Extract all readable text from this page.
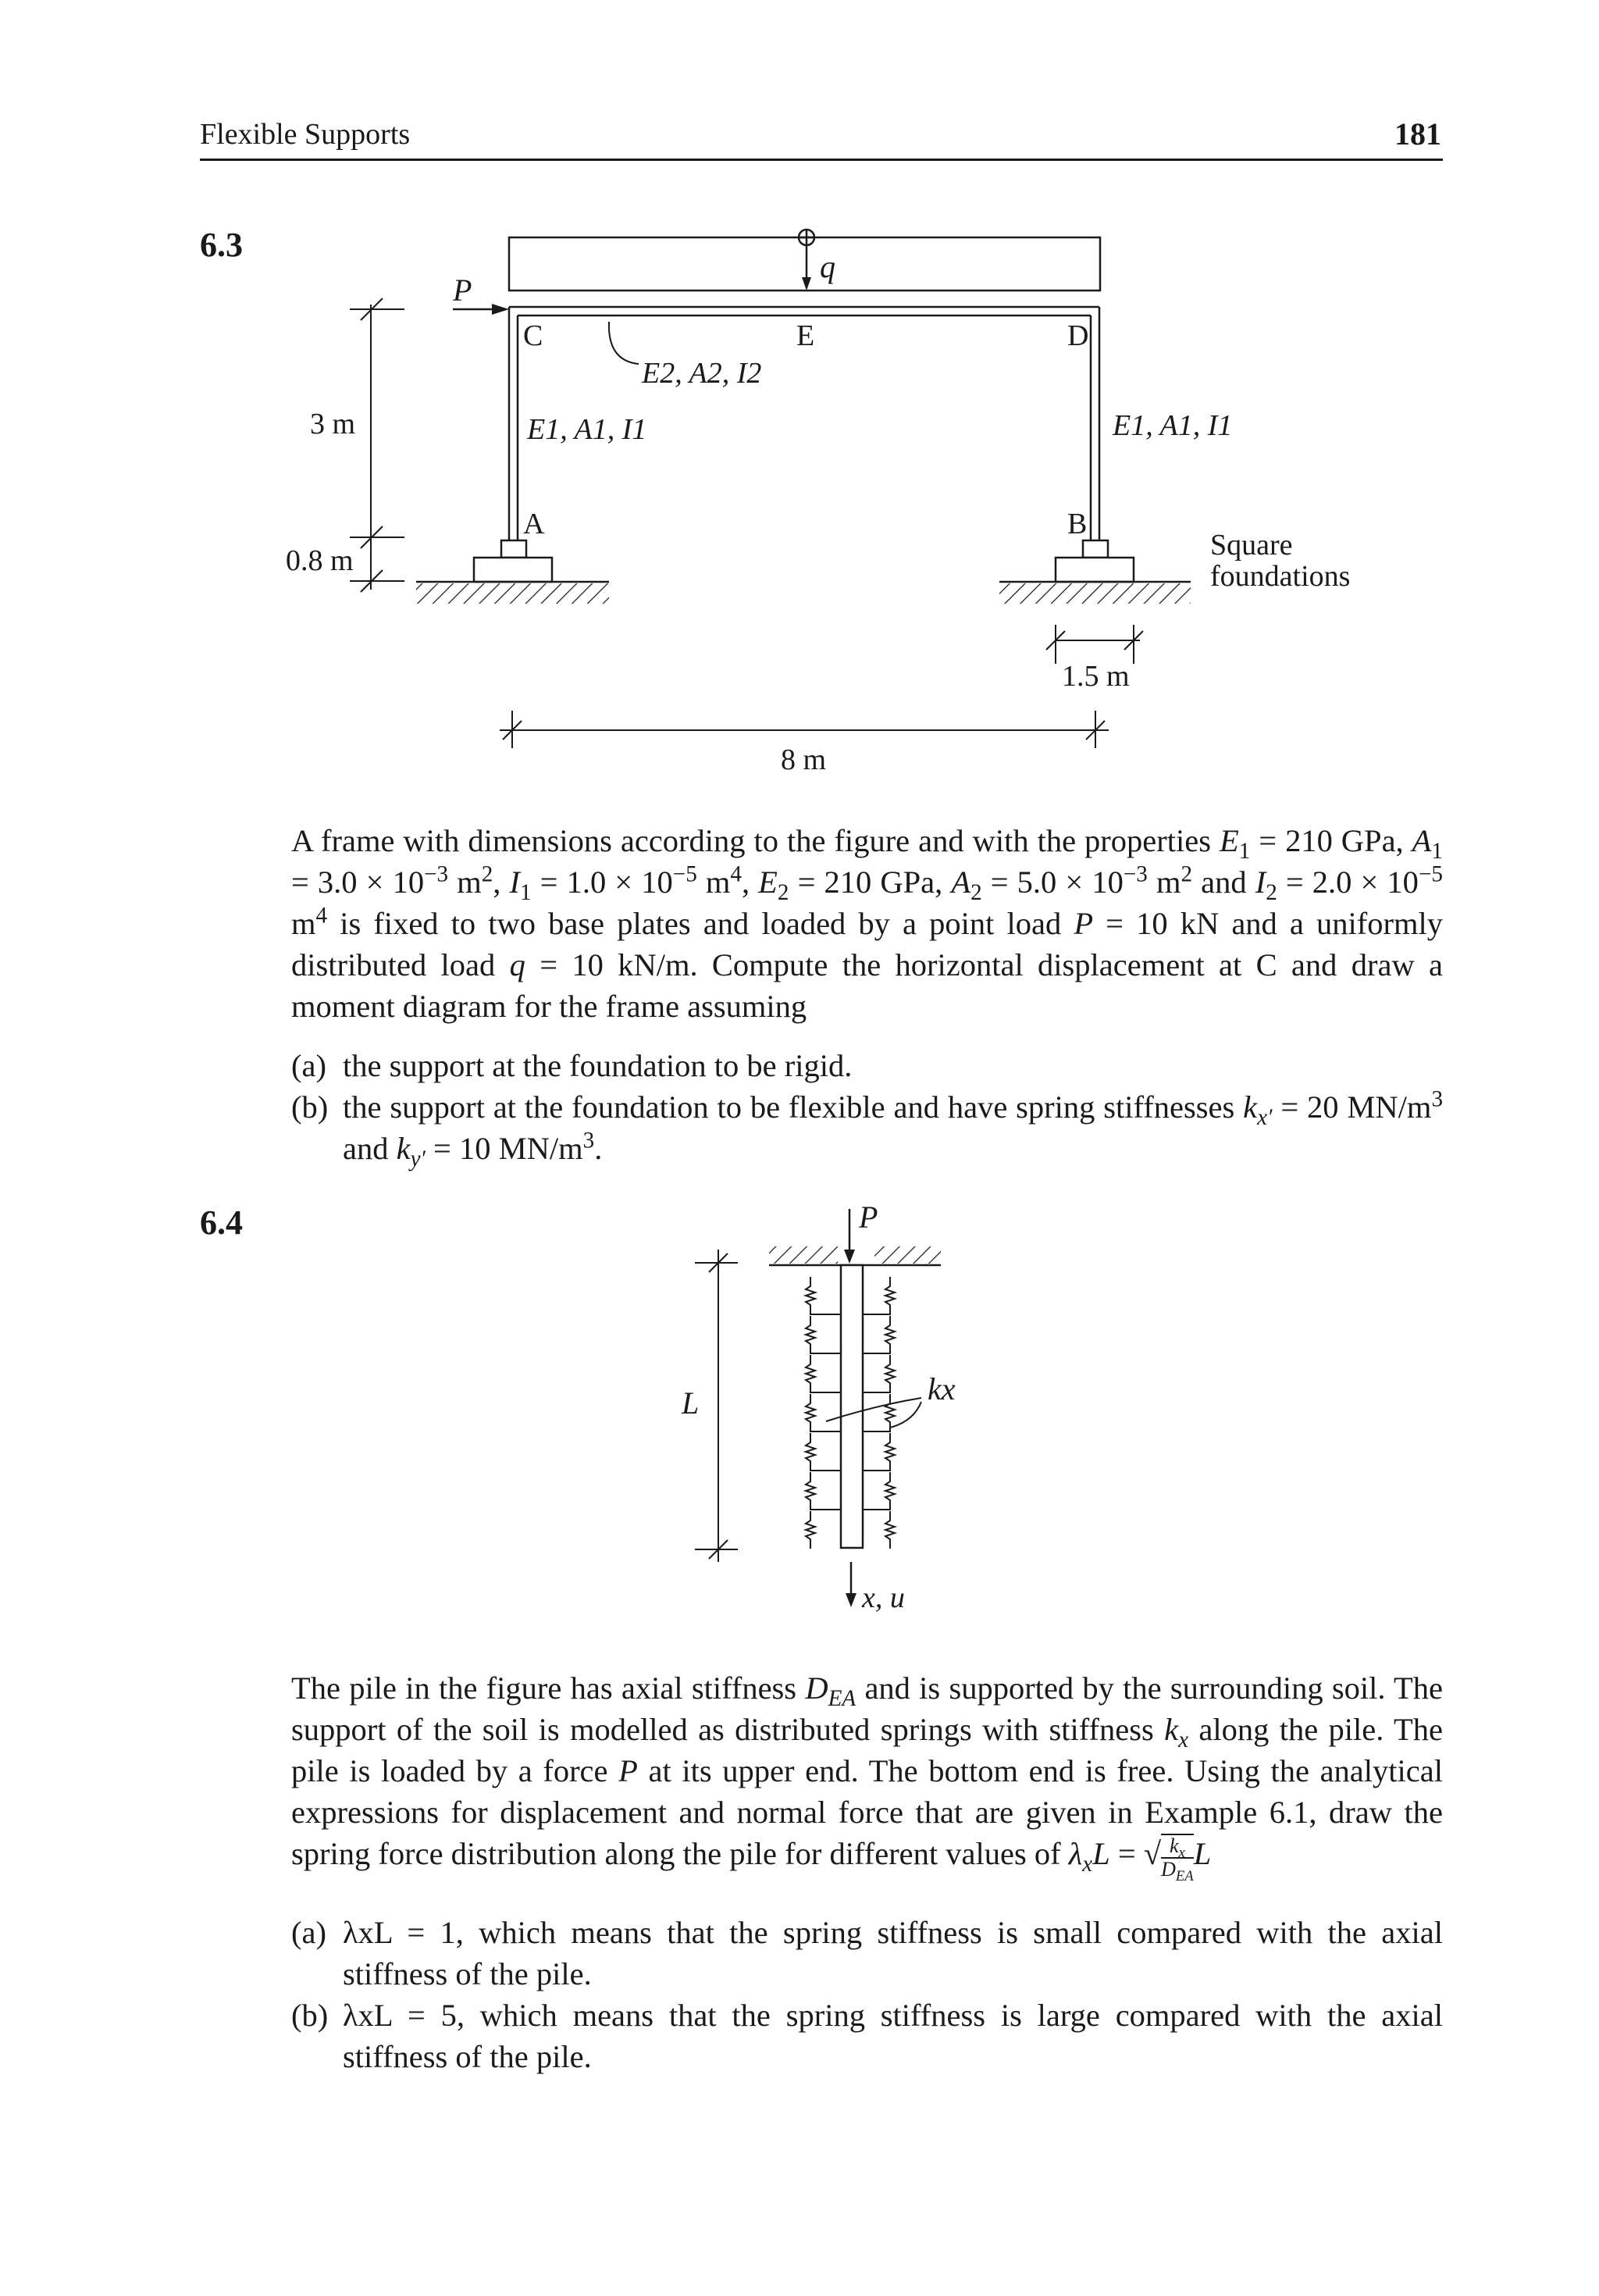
Flexible Supports	181
6.3
q
P
C	E	D
A	B
E2, A2, I2
E1, A1, I1	E1, A1, I1
3 m
0.8 m
1.5 m
8 m
Square
foundations
A frame with dimensions according to the figure and with the properties $E_1 = 210$ GPa, $A_1 = 3.0 \times 10^{-3}$ $m^2$, $I_1 = 1.0 \times 10^{-5}$ $m^4$, $E_2 = 210$ GPa, $A_2 = 5.0 \times 10^{-3}$ $m^2$ and $I_2 = 2.0 \times 10^{-5}$ $m^4$ is fixed to two base plates and loaded by a point load P = 10 kN and a uniformly distributed load q = 10 kN/m. Compute the horizontal displacement at C and draw a moment diagram for the frame assuming
(a) the support at the foundation to be rigid.
(b) the support at the foundation to be flexible and have spring stiffnesses $k_{x'} = 20$ $MN/m^3$ and $k_{y'} = 10$ $MN/m^3$.
6.4	P
kx
L
x, u
The pile in the figure has axial stiffness $D_{EA}$ and is supported by the surrounding soil. The support of the soil is modelled as distributed springs with stiffness $k_x$ along the pile. The pile is loaded by a force P at its upper end. The bottom end is free. Using the analytical expressions for displacement and normal force that are given in Example 6.1, draw the spring force distribution along the pile for different values of $\lambda_xL$ = √ $k_x$

$D_{EA}$
L
(a) λxL = 1, which means that the spring stiffness is small compared with the axial stiffness of the pile.
(b) λxL = 5, which means that the spring stiffness is large compared with the axial stiffness of the pile.
